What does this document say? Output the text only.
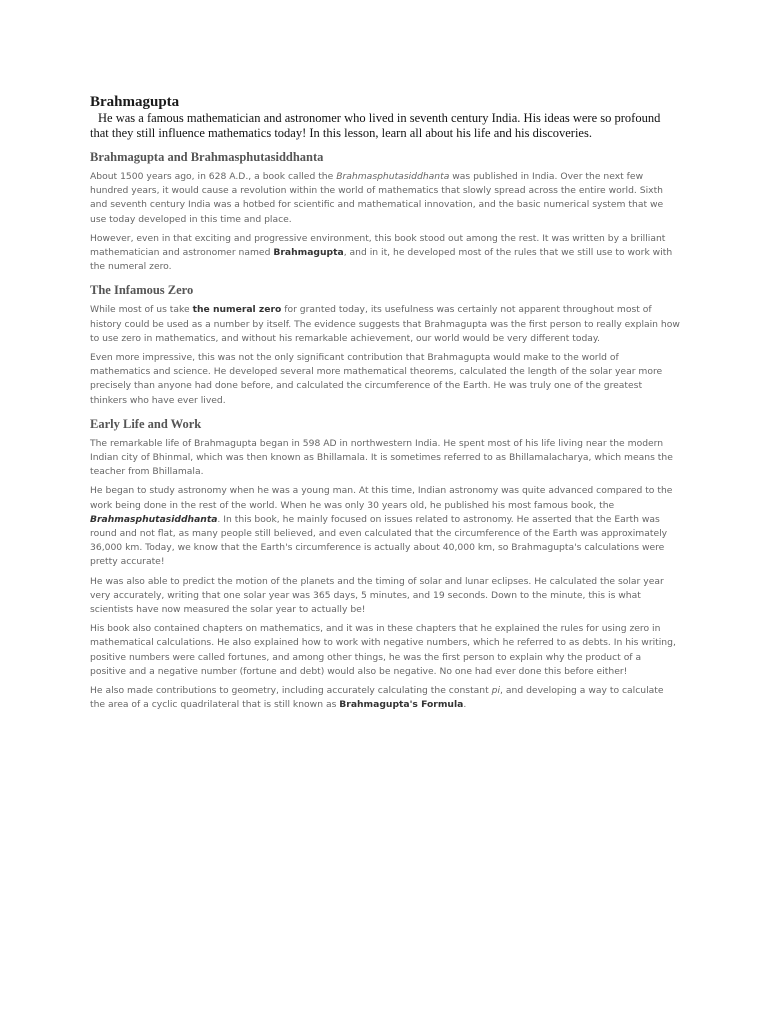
Brahmagupta

He was a famous mathematician and astronomer who lived in seventh century India. His ideas were so profound that they still influence mathematics today! In this lesson, learn all about his life and his discoveries.

Brahmagupta and Brahmasphutasiddhanta

About 1500 years ago, in 628 A.D., a book called the Brahmasphutasiddhanta was published in India. Over the next few hundred years, it would cause a revolution within the world of mathematics that slowly spread across the entire world. Sixth and seventh century India was a hotbed for scientific and mathematical innovation, and the basic numerical system that we use today developed in this time and place.

However, even in that exciting and progressive environment, this book stood out among the rest. It was written by a brilliant mathematician and astronomer named Brahmagupta, and in it, he developed most of the rules that we still use to work with the numeral zero.

The Infamous Zero

While most of us take the numeral zero for granted today, its usefulness was certainly not apparent throughout most of history could be used as a number by itself. The evidence suggests that Brahmagupta was the first person to really explain how to use zero in mathematics, and without his remarkable achievement, our world would be very different today.

Even more impressive, this was not the only significant contribution that Brahmagupta would make to the world of mathematics and science. He developed several more mathematical theorems, calculated the length of the solar year more precisely than anyone had done before, and calculated the circumference of the Earth. He was truly one of the greatest thinkers who have ever lived.

Early Life and Work

The remarkable life of Brahmagupta began in 598 AD in northwestern India. He spent most of his life living near the modern Indian city of Bhinmal, which was then known as Bhillamala. It is sometimes referred to as Bhillamalacharya, which means the teacher from Bhillamala.

He began to study astronomy when he was a young man. At this time, Indian astronomy was quite advanced compared to the work being done in the rest of the world. When he was only 30 years old, he published his most famous book, the Brahmasphutasiddhanta. In this book, he mainly focused on issues related to astronomy. He asserted that the Earth was round and not flat, as many people still believed, and even calculated that the circumference of the Earth was approximately 36,000 km. Today, we know that the Earth's circumference is actually about 40,000 km, so Brahmagupta's calculations were pretty accurate!

He was also able to predict the motion of the planets and the timing of solar and lunar eclipses. He calculated the solar year very accurately, writing that one solar year was 365 days, 5 minutes, and 19 seconds. Down to the minute, this is what scientists have now measured the solar year to actually be!

His book also contained chapters on mathematics, and it was in these chapters that he explained the rules for using zero in mathematical calculations. He also explained how to work with negative numbers, which he referred to as debts. In his writing, positive numbers were called fortunes, and among other things, he was the first person to explain why the product of a positive and a negative number (fortune and debt) would also be negative. No one had ever done this before either!

He also made contributions to geometry, including accurately calculating the constant pi, and developing a way to calculate the area of a cyclic quadrilateral that is still known as Brahmagupta's Formula.
